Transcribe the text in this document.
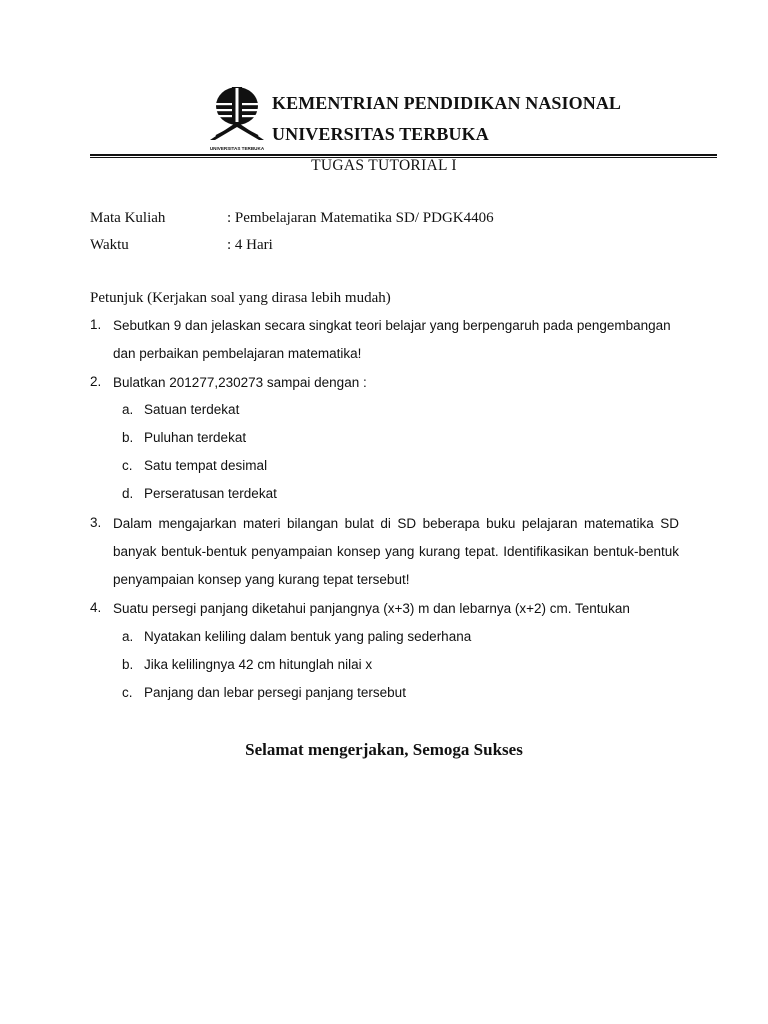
UNIVERSITAS TERBUKA
KEMENTRIAN PENDIDIKAN NASIONAL
UNIVERSITAS TERBUKA
TUGAS TUTORIAL I
Mata Kuliah	: Pembelajaran Matematika SD/ PDGK4406
Waktu	: 4 Hari
Petunjuk (Kerjakan soal yang dirasa lebih mudah)
1. Sebutkan 9 dan jelaskan secara singkat teori belajar yang berpengaruh pada pengembangan dan perbaikan pembelajaran matematika!
2. Bulatkan 201277,230273 sampai dengan :
a. Satuan terdekat
b. Puluhan terdekat
c. Satu tempat desimal
d. Perseratusan terdekat
3. Dalam mengajarkan materi bilangan bulat di SD beberapa buku pelajaran matematika SD banyak bentuk-bentuk penyampaian konsep yang kurang tepat. Identifikasikan bentuk-bentuk penyampaian konsep yang kurang tepat tersebut!
4. Suatu persegi panjang diketahui panjangnya (x+3) m dan lebarnya (x+2) cm. Tentukan
a. Nyatakan keliling dalam bentuk yang paling sederhana
b. Jika kelilingnya 42 cm hitunglah nilai x
c. Panjang dan lebar persegi panjang tersebut
Selamat mengerjakan, Semoga Sukses
